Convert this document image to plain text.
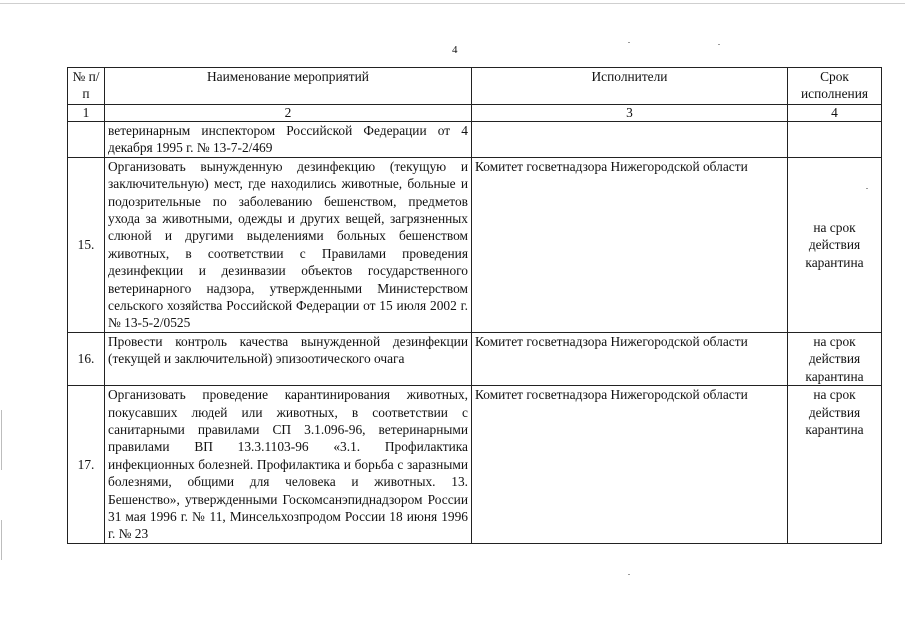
4
№ п/п	Наименование мероприятий	Исполнители	Срок исполнения
1	2	3	4
	ветеринарным инспектором Российской Федерации от 4 декабря 1995 г. № 13-7-2/469		
15.	Организовать вынужденную дезинфекцию (текущую и заключительную) мест, где находились животные, больные и подозрительные по заболеванию бешенством, предметов ухода за животными, одежды и других вещей, загрязненных слюной и другими выделениями больных бешенством животных, в соответствии с Правилами проведения дезинфекции и дезинвазии объектов государственного ветеринарного надзора, утвержденными Министерством сельского хозяйства Российской Федерации от 15 июля 2002 г. № 13-5-2/0525	Комитет госветнадзора Нижегородской области	на срок действия карантина
16.	Провести контроль качества вынужденной дезинфекции (текущей и заключительной) эпизоотического очага	Комитет госветнадзора Нижегородской области	на срок действия карантина
17.	Организовать проведение карантинирования животных, покусавших людей или животных, в соответствии с санитарными правилами СП 3.1.096-96, ветеринарными правилами ВП 13.3.1103-96 «3.1. Профилактика инфекционных болезней. Профилактика и борьба с заразными болезнями, общими для человека и животных. 13. Бешенство», утвержденными Госкомсанэпиднадзором России 31 мая 1996 г. № 11, Минсельхозпродом России 18 июня 1996 г. № 23	Комитет госветнадзора Нижегородской области	на срок действия карантина
